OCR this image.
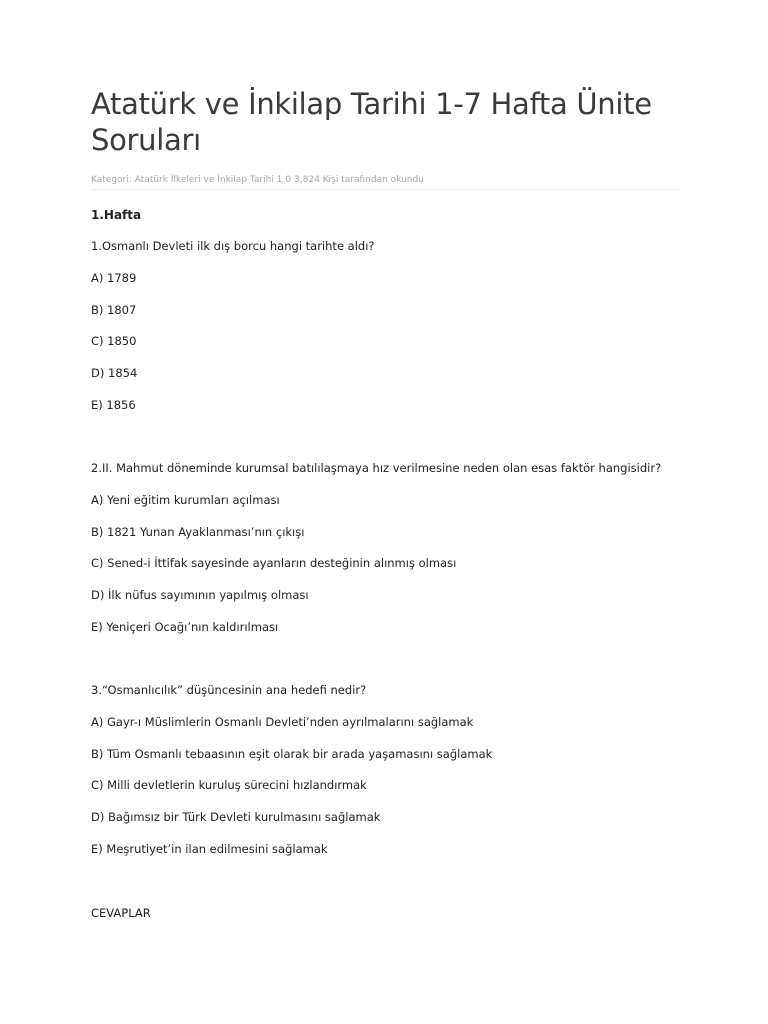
Atatürk ve İnkilap Tarihi 1-7 Hafta Ünite Soruları
Kategori: Atatürk İlkeleri ve İnkilap Tarihi 1 0 3,824 Kişi tarafından okundu
1.Hafta
1.Osmanlı Devleti ilk dış borcu hangi tarihte aldı?
A) 1789
B) 1807
C) 1850
D) 1854
E) 1856
2.II. Mahmut döneminde kurumsal batılılaşmaya hız verilmesine neden olan esas faktör hangisidir?
A) Yeni eğitim kurumları açılması
B) 1821 Yunan Ayaklanması’nın çıkışı
C) Sened-i İttifak sayesinde ayanların desteğinin alınmış olması
D) İlk nüfus sayımının yapılmış olması
E) Yeniçeri Ocağı’nın kaldırılması
3.“Osmanlıcılık” düşüncesinin ana hedefi nedir?
A) Gayr-ı Müslimlerin Osmanlı Devleti’nden ayrılmalarını sağlamak
B) Tüm Osmanlı tebaasının eşit olarak bir arada yaşamasını sağlamak
C) Milli devletlerin kuruluş sürecini hızlandırmak
D) Bağımsız bir Türk Devleti kurulmasını sağlamak
E) Meşrutiyet’in ilan edilmesini sağlamak
CEVAPLAR
